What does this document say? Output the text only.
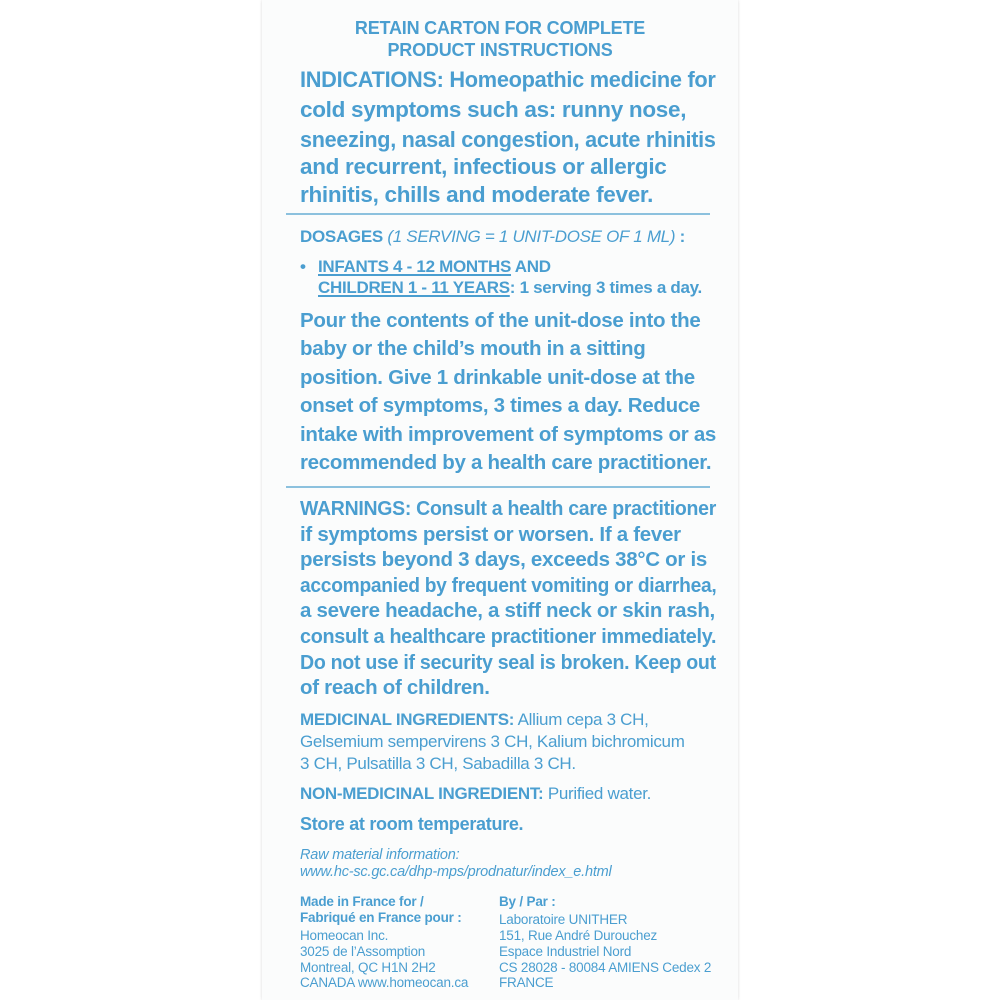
RETAIN CARTON FOR COMPLETE
PRODUCT INSTRUCTIONS
INDICATIONS: Homeopathic medicine for
cold symptoms such as: runny nose,
sneezing, nasal congestion, acute rhinitis
and recurrent, infectious or allergic
rhinitis, chills and moderate fever.
DOSAGES (1 SERVING = 1 UNIT-DOSE OF 1 ML) :
• INFANTS 4 - 12 MONTHS AND
CHILDREN 1 - 11 YEARS: 1 serving 3 times a day.
Pour the contents of the unit-dose into the
baby or the child’s mouth in a sitting
position. Give 1 drinkable unit-dose at the
onset of symptoms, 3 times a day. Reduce
intake with improvement of symptoms or as
recommended by a health care practitioner.
WARNINGS: Consult a health care practitioner
if symptoms persist or worsen. If a fever
persists beyond 3 days, exceeds 38°C or is
accompanied by frequent vomiting or diarrhea,
a severe headache, a stiff neck or skin rash,
consult a healthcare practitioner immediately.
Do not use if security seal is broken. Keep out
of reach of children.
MEDICINAL INGREDIENTS: Allium cepa 3 CH,
Gelsemium sempervirens 3 CH, Kalium bichromicum
3 CH, Pulsatilla 3 CH, Sabadilla 3 CH.
NON-MEDICINAL INGREDIENT: Purified water.
Store at room temperature.
Raw material information:
www.hc-sc.gc.ca/dhp-mps/prodnatur/index_e.html
Made in France for /
Fabriqué en France pour :
Homeocan Inc.
3025 de l’Assomption
Montreal, QC H1N 2H2
CANADA www.homeocan.ca
By / Par :
Laboratoire UNITHER
151, Rue André Durouchez
Espace Industriel Nord
CS 28028 - 80084 AMIENS Cedex 2
FRANCE
